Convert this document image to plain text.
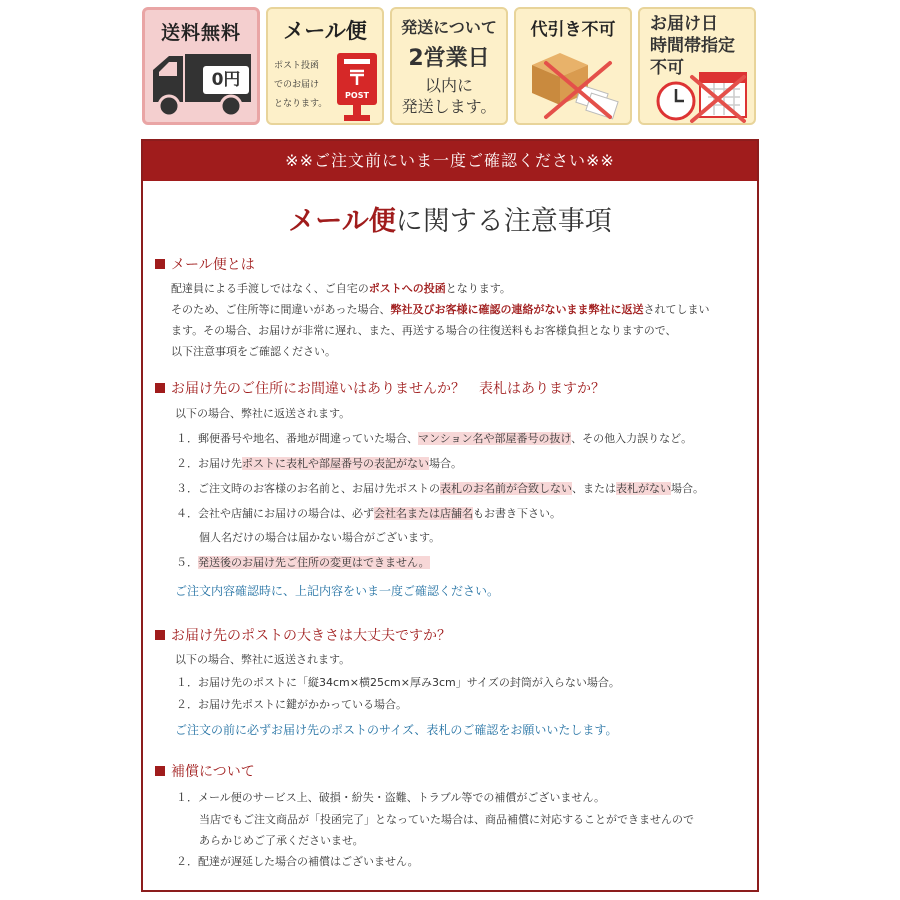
送料無料
0円
メール便
ポスト投函
でのお届け
となります。
POST
発送について
2営業日
以内に
発送します。
代引き不可	お届け日
時間帯指定
不可
※※ご注文前にいま一度ご確認ください※※
メール便に関する注意事項
メール便とは
配達員による手渡しではなく、ご自宅のポストへの投函となります。
そのため、ご住所等に間違いがあった場合、弊社及びお客様に確認の連絡がないまま弊社に返送されてしまい
ます。その場合、お届けが非常に遅れ、また、再送する場合の往復送料もお客様負担となりますので、
以下注意事項をご確認ください。
お届け先のご住所にお間違いはありませんか？　表札はありますか？
以下の場合、弊社に返送されます。
１．郵便番号や地名、番地が間違っていた場合、マンション名や部屋番号の抜け、その他入力誤りなど。
２．お届け先ポストに表札や部屋番号の表記がない場合。
３．ご注文時のお客様のお名前と、お届け先ポストの表札のお名前が合致しない、または表札がない場合。
４．会社や店舗にお届けの場合は、必ず会社名または店舗名もお書き下さい。
個人名だけの場合は届かない場合がございます。
５．発送後のお届け先ご住所の変更はできません。
ご注文内容確認時に、上記内容をいま一度ご確認ください。
お届け先のポストの大きさは大丈夫ですか？
以下の場合、弊社に返送されます。
１．お届け先のポストに「縦34cm×横25cm×厚み3cm」サイズの封筒が入らない場合。
２．お届け先ポストに鍵がかかっている場合。
ご注文の前に必ずお届け先のポストのサイズ、表札のご確認をお願いいたします。
補償について
１．メール便のサービス上、破損・紛失・盗難、トラブル等での補償がございません。
当店でもご注文商品が「投函完了」となっていた場合は、商品補償に対応することができませんので
あらかじめご了承くださいませ。
２．配達が遅延した場合の補償はございません。
